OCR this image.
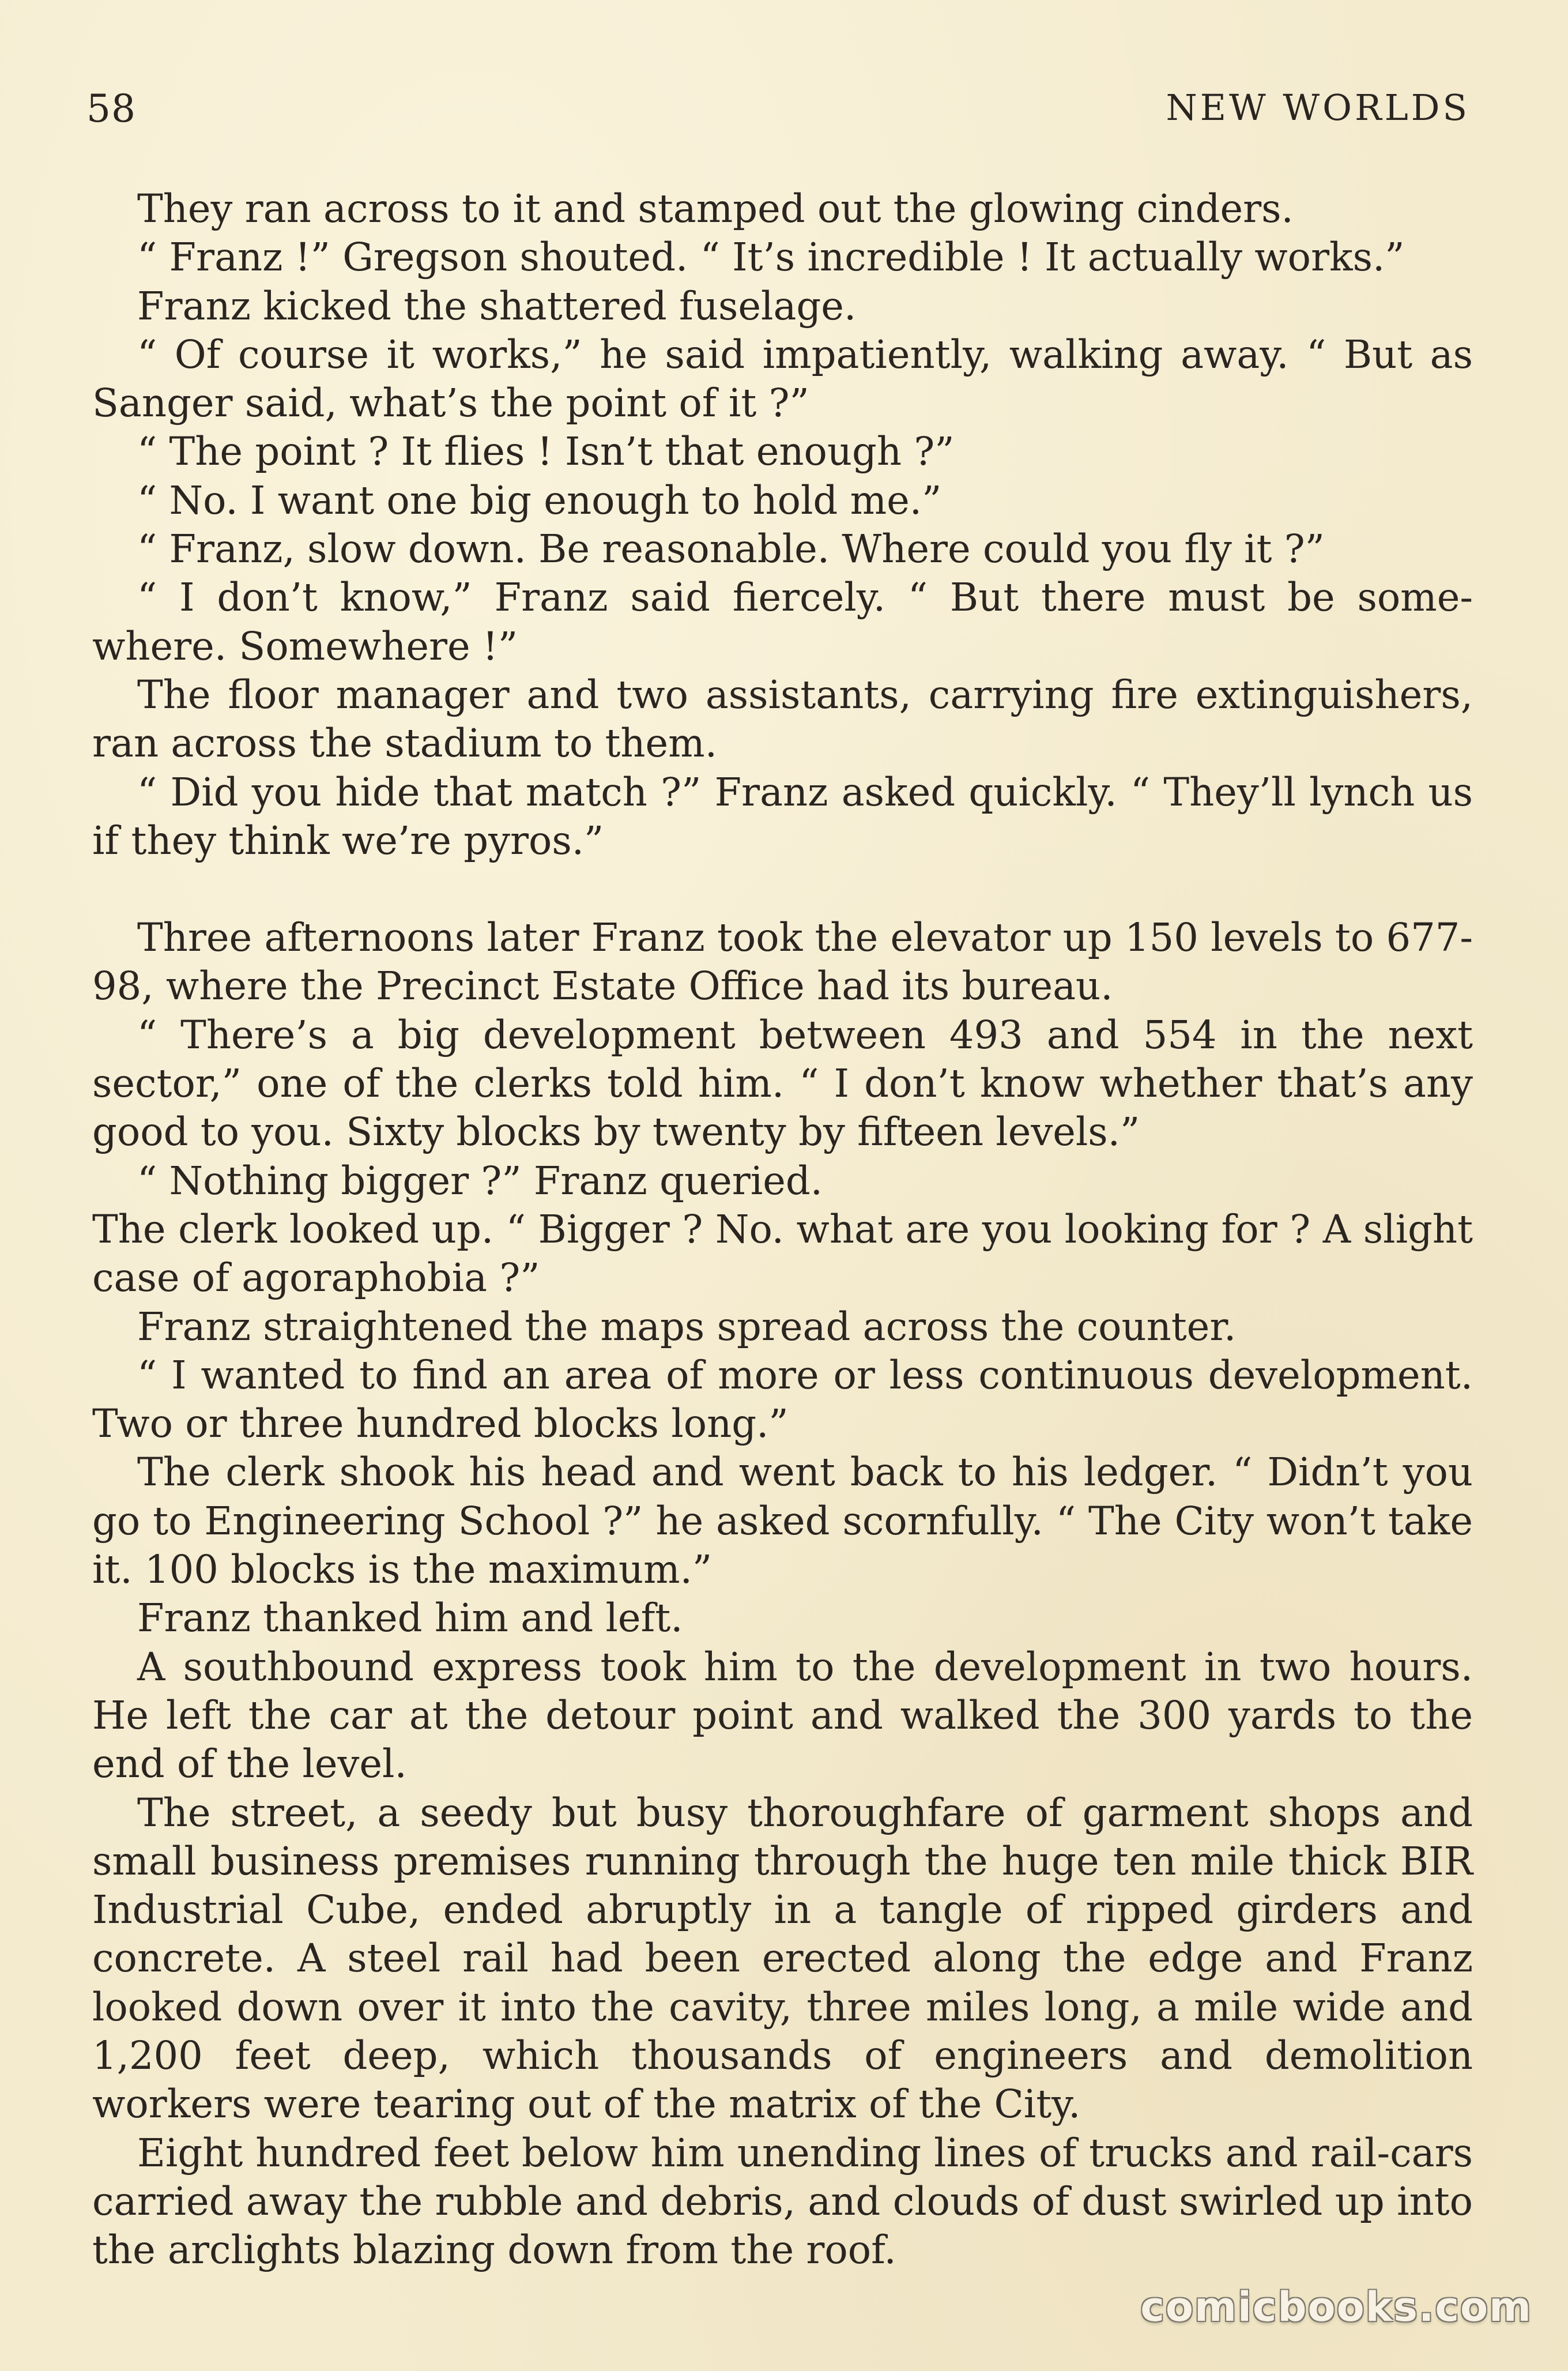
58	NEW WORLDS

They ran across to it and stamped out the glowing cinders.

“ Franz !” Gregson shouted. “ It’s incredible ! It actually works.”

Franz kicked the shattered fuselage.

“ Of course it works,” he said impatiently, walking away. “ But as Sanger said, what’s the point of it ?”

“ The point ? It flies ! Isn’t that enough ?”

“ No. I want one big enough to hold me.”

“ Franz, slow down. Be reasonable. Where could you fly it ?”

“ I don’t know,” Franz said fiercely. “ But there must be some-where. Somewhere !”

The floor manager and two assistants, carrying fire extinguishers, ran across the stadium to them.

“ Did you hide that match ?” Franz asked quickly. “ They’ll lynch us if they think we’re pyros.”

Three afternoons later Franz took the elevator up 150 levels to 677-98, where the Precinct Estate Office had its bureau.

“ There’s a big development between 493 and 554 in the next sector,” one of the clerks told him. “ I don’t know whether that’s any good to you. Sixty blocks by twenty by fifteen levels.”

“ Nothing bigger ?” Franz queried.

The clerk looked up. “ Bigger ? No. what are you looking for ? A slight case of agoraphobia ?”

Franz straightened the maps spread across the counter.

“ I wanted to find an area of more or less continuous development. Two or three hundred blocks long.”

The clerk shook his head and went back to his ledger. “ Didn’t you go to Engineering School ?” he asked scornfully. “ The City won’t take it. 100 blocks is the maximum.”

Franz thanked him and left.

A southbound express took him to the development in two hours. He left the car at the detour point and walked the 300 yards to the end of the level.

The street, a seedy but busy thoroughfare of garment shops and small business premises running through the huge ten mile thick BIR Industrial Cube, ended abruptly in a tangle of ripped girders and concrete. A steel rail had been erected along the edge and Franz looked down over it into the cavity, three miles long, a mile wide and 1,200 feet deep, which thousands of engineers and demolition workers were tearing out of the matrix of the City.

Eight hundred feet below him unending lines of trucks and rail-cars carried away the rubble and debris, and clouds of dust swirled up into the arclights blazing down from the roof.

comicbooks.com
